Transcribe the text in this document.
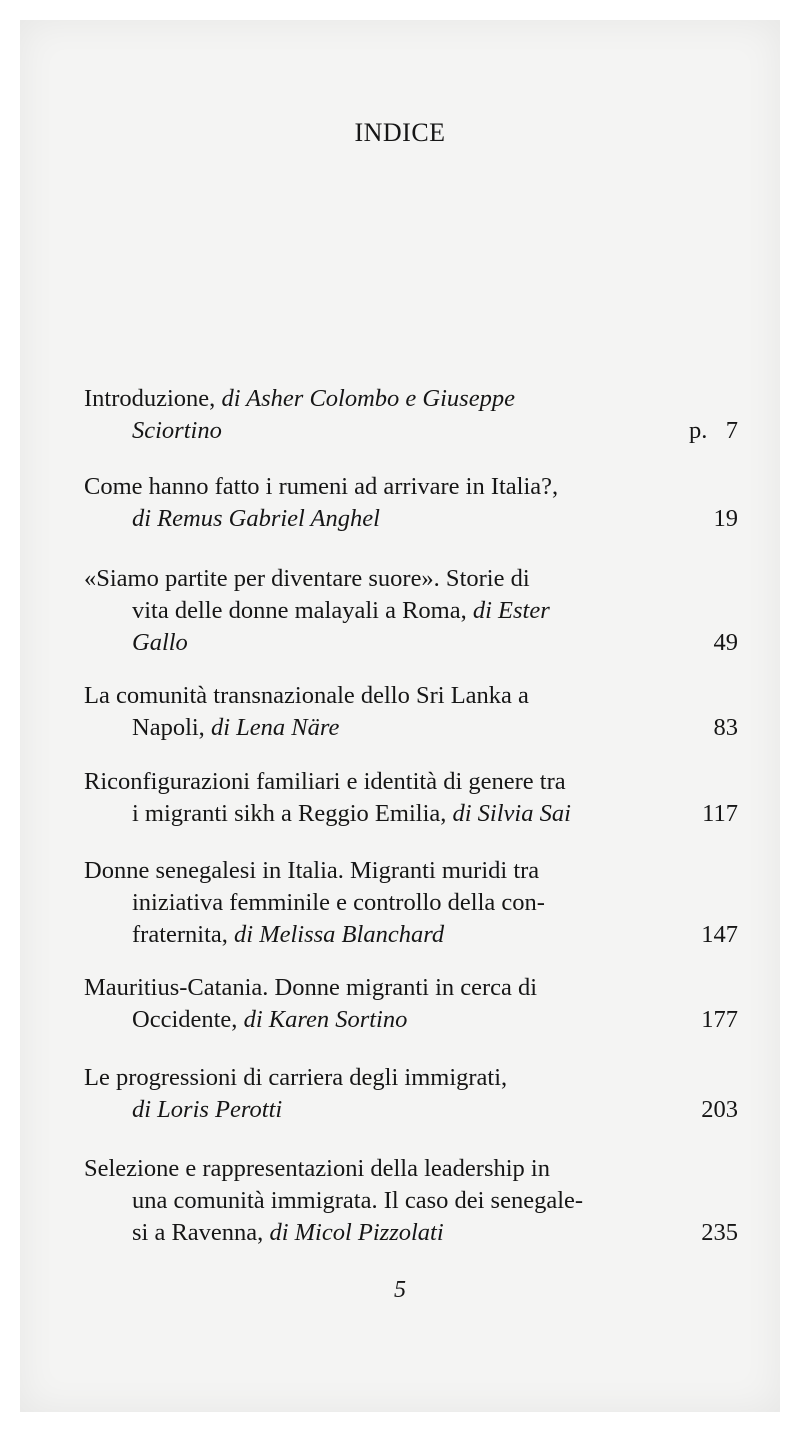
INDICE
Introduzione, di Asher Colombo e Giuseppe
Sciortino	p. 7
Come hanno fatto i rumeni ad arrivare in Italia?,
di Remus Gabriel Anghel	19
«Siamo partite per diventare suore». Storie di
vita delle donne malayali a Roma, di Ester
Gallo	49
La comunità transnazionale dello Sri Lanka a
Napoli, di Lena Näre	83
Riconfigurazioni familiari e identità di genere tra
i migranti sikh a Reggio Emilia, di Silvia Sai	117
Donne senegalesi in Italia. Migranti muridi tra
iniziativa femminile e controllo della con-
fraternita, di Melissa Blanchard	147
Mauritius-Catania. Donne migranti in cerca di
Occidente, di Karen Sortino	177
Le progressioni di carriera degli immigrati,
di Loris Perotti	203
Selezione e rappresentazioni della leadership in
una comunità immigrata. Il caso dei senegale-
si a Ravenna, di Micol Pizzolati	235
5
